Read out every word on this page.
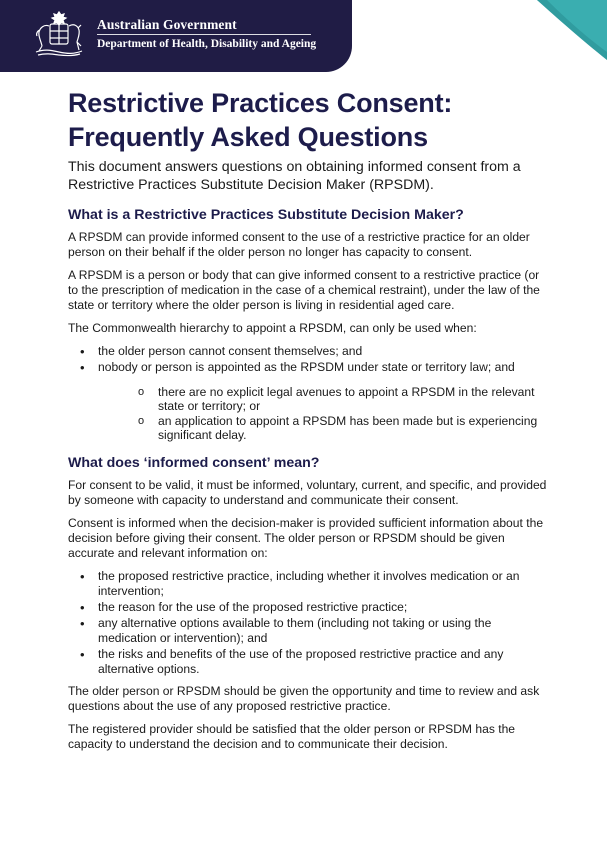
Australian Government
Department of Health, Disability and Ageing
Restrictive Practices Consent:
Frequently Asked Questions

This document answers questions on obtaining informed consent from a Restrictive Practices Substitute Decision Maker (RPSDM).

What is a Restrictive Practices Substitute Decision Maker?

A RPSDM can provide informed consent to the use of a restrictive practice for an older person on their behalf if the older person no longer has capacity to consent.

A RPSDM is a person or body that can give informed consent to a restrictive practice (or to the prescription of medication in the case of a chemical restraint), under the law of the state or territory where the older person is living in residential aged care.

The Commonwealth hierarchy to appoint a RPSDM, can only be used when:

• the older person cannot consent themselves; and
• nobody or person is appointed as the RPSDM under state or territory law; and
o there are no explicit legal avenues to appoint a RPSDM in the relevant state or territory; or
o an application to appoint a RPSDM has been made but is experiencing significant delay.
What does ‘informed consent’ mean?

For consent to be valid, it must be informed, voluntary, current, and specific, and provided by someone with capacity to understand and communicate their consent.

Consent is informed when the decision-maker is provided sufficient information about the decision before giving their consent. The older person or RPSDM should be given accurate and relevant information on:

• the proposed restrictive practice, including whether it involves medication or an intervention;
• the reason for the use of the proposed restrictive practice;
• any alternative options available to them (including not taking or using the medication or intervention); and
• the risks and benefits of the use of the proposed restrictive practice and any alternative options.

The older person or RPSDM should be given the opportunity and time to review and ask questions about the use of any proposed restrictive practice.

The registered provider should be satisfied that the older person or RPSDM has the capacity to understand the decision and to communicate their decision.
